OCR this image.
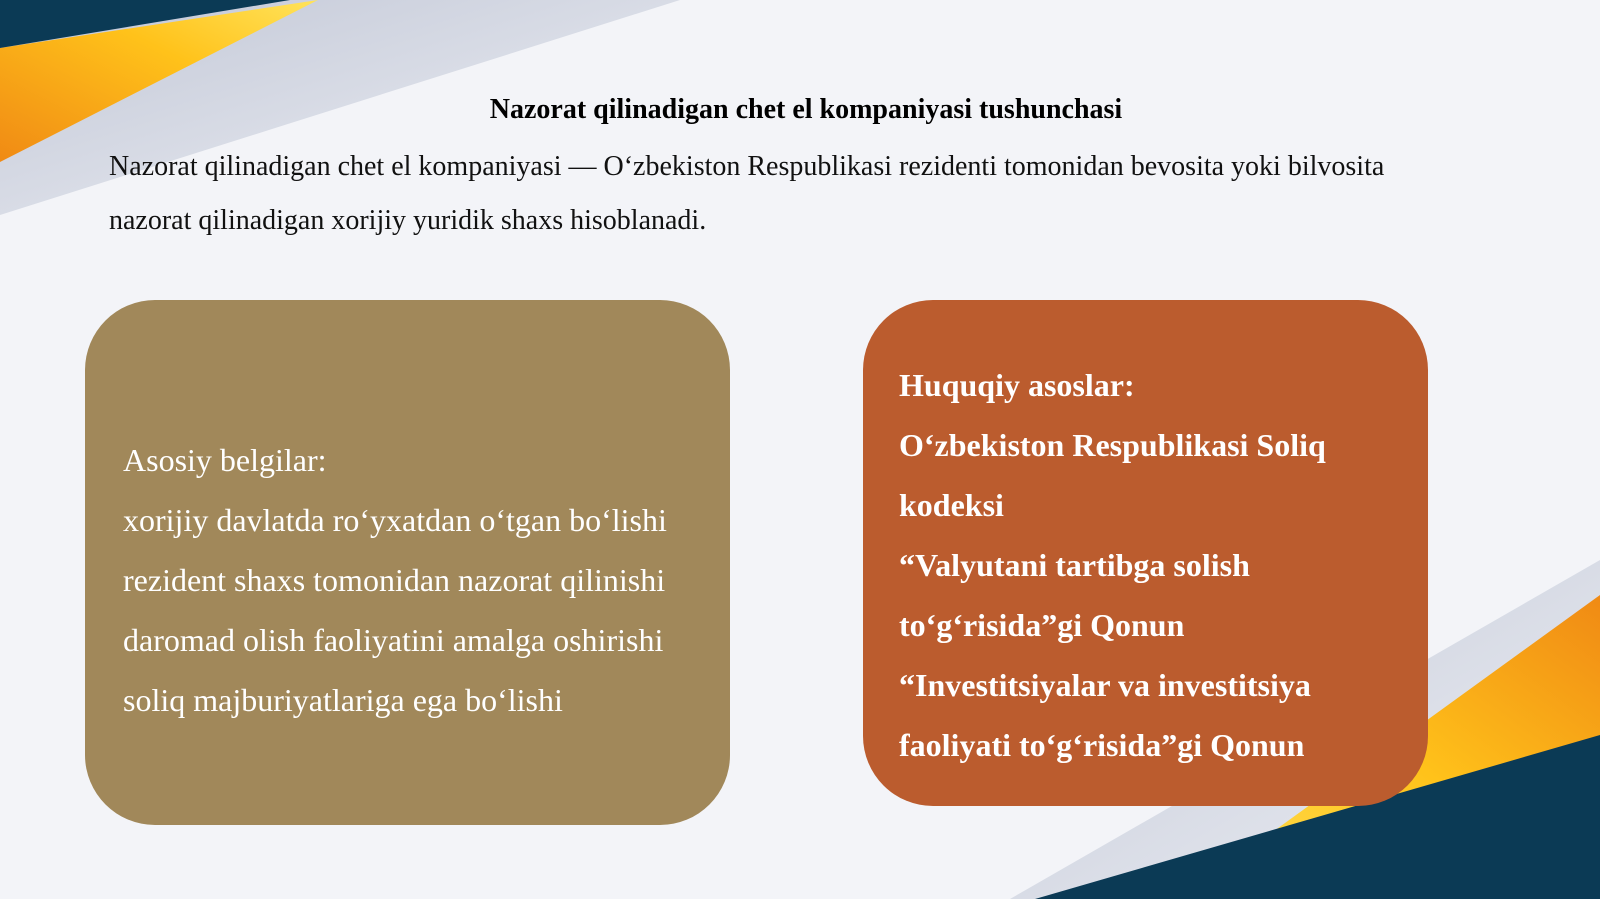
Nazorat qilinadigan chet el kompaniyasi tushunchasi
Nazorat qilinadigan chet el kompaniyasi — O‘zbekiston Respublikasi rezidenti tomonidan bevosita yoki bilvosita
nazorat qilinadigan xorijiy yuridik shaxs hisoblanadi.

Asosiy belgilar:

xorijiy davlatda ro‘yxatdan o‘tgan bo‘lishi

rezident shaxs tomonidan nazorat qilinishi

daromad olish faoliyatini amalga oshirishi

soliq majburiyatlariga ega bo‘lishi

Huquqiy asoslar:

O‘zbekiston Respublikasi Soliq

kodeksi

“Valyutani tartibga solish

to‘g‘risida”gi Qonun

“Investitsiyalar va investitsiya

faoliyati to‘g‘risida”gi Qonun
